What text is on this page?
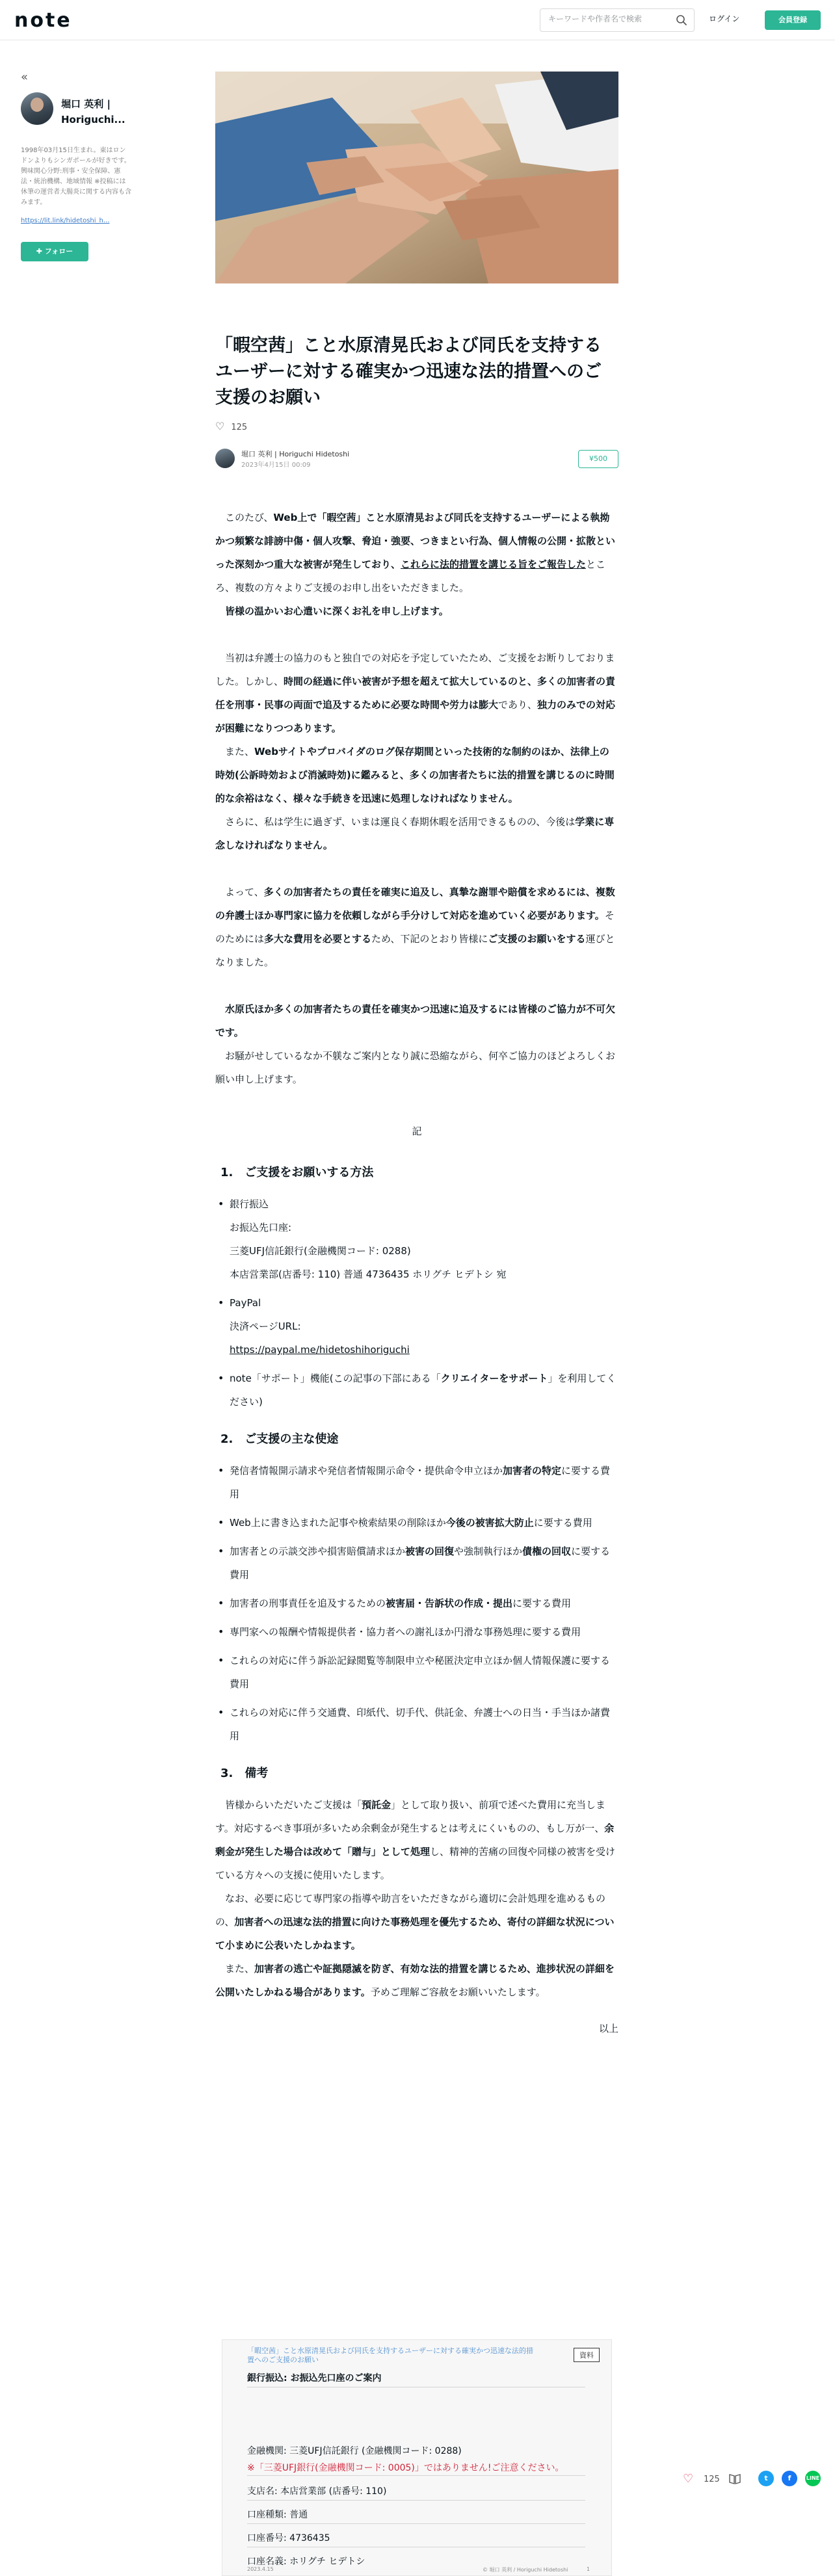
note
キーワードや作者名で検索	ログイン	会員登録
«
堀口 英利 | Horiguchi...
1998年03月15日生まれ。東はロンドンよりもシンガポールが好きです。興味関心分野:刑事・安全保障、憲法・統治機構、地域情報 ※投稿には休筆の運営者大腸炎に関する内容も含みます。
https://lit.link/hidetoshi_h...
✚ フォロー
「暇空茜」こと水原清晃氏および同氏を支持するユーザーに対する確実かつ迅速な法的措置へのご支援のお願い
♡ 125
堀口 英利 | Horiguchi Hidetoshi
2023年4月15日 00:09
¥500

このたび、Web上で「暇空茜」こと水原清晃および同氏を支持するユーザーによる執拗かつ頻繁な誹謗中傷・個人攻撃、脅迫・強要、つきまとい行為、個人情報の公開・拡散といった深刻かつ重大な被害が発生しており、これらに法的措置を講じる旨をご報告したところ、複数の方々よりご支援のお申し出をいただきました。

皆様の温かいお心遣いに深くお礼を申し上げます。

当初は弁護士の協力のもと独自での対応を予定していたため、ご支援をお断りしておりました。しかし、時間の経過に伴い被害が予想を超えて拡大しているのと、多くの加害者の責任を刑事・民事の両面で追及するために必要な時間や労力は膨大であり、独力のみでの対応が困難になりつつあります。

また、Webサイトやプロバイダのログ保存期間といった技術的な制約のほか、法律上の時効(公訴時効および消滅時効)に鑑みると、多くの加害者たちに法的措置を講じるのに時間的な余裕はなく、様々な手続きを迅速に処理しなければなりません。

さらに、私は学生に過ぎず、いまは運良く春期休暇を活用できるものの、今後は学業に専念しなければなりません。

よって、多くの加害者たちの責任を確実に追及し、真摯な謝罪や賠償を求めるには、複数の弁護士ほか専門家に協力を依頼しながら手分けして対応を進めていく必要があります。そのためには多大な費用を必要とするため、下記のとおり皆様にご支援のお願いをする運びとなりました。

水原氏ほか多くの加害者たちの責任を確実かつ迅速に追及するには皆様のご協力が不可欠です。

お騒がせしているなか不躾なご案内となり誠に恐縮ながら、何卒ご協力のほどよろしくお願い申し上げます。

記

1.　ご支援をお願いする方法
• 銀行振込
お振込先口座:
三菱UFJ信託銀行(金融機関コード: 0288)
本店営業部(店番号: 110) 普通 4736435 ホリグチ ヒデトシ 宛
• PayPal
決済ページURL:
https://paypal.me/hidetoshihoriguchi
• note「サポート」機能(この記事の下部にある「クリエイターをサポート」を利用してください)
2.　ご支援の主な使途
• 発信者情報開示請求や発信者情報開示命令・提供命令申立ほか加害者の特定に要する費用
• Web上に書き込まれた記事や検索結果の削除ほか今後の被害拡大防止に要する費用
• 加害者との示談交渉や損害賠償請求ほか被害の回復や強制執行ほか債権の回収に要する費用
• 加害者の刑事責任を追及するための被害届・告訴状の作成・提出に要する費用
• 専門家への報酬や情報提供者・協力者への謝礼ほか円滑な事務処理に要する費用
• これらの対応に伴う訴訟記録閲覧等制限申立や秘匿決定申立ほか個人情報保護に要する費用
• これらの対応に伴う交通費、印紙代、切手代、供託金、弁護士への日当・手当ほか諸費用
3.　備考

皆様からいただいたご支援は「預託金」として取り扱い、前項で述べた費用に充当します。対応するべき事項が多いため余剰金が発生するとは考えにくいものの、もし万が一、余剰金が発生した場合は改めて「贈与」として処理し、精神的苦痛の回復や同様の被害を受けている方々への支援に使用いたします。

なお、必要に応じて専門家の指導や助言をいただきながら適切に会計処理を進めるものの、加害者への迅速な法的措置に向けた事務処理を優先するため、寄付の詳細な状況について小まめに公表いたしかねます。

また、加害者の逃亡や証拠隠滅を防ぎ、有効な法的措置を講じるため、進捗状況の詳細を公開いたしかねる場合があります。予めご理解ご容赦をお願いいたします。

以上

「暇空茜」こと水原清晃氏および同氏を支持するユーザーに対する確実かつ迅速な法的措置へのご支援のお願い
資料
銀行振込: お振込先口座のご案内
金融機関: 三菱UFJ信託銀行 (金融機関コード: 0288)
※「三菱UFJ銀行(金融機関コード: 0005)」ではありません!ご注意ください。
支店名: 本店営業部 (店番号: 110)
口座種類: 普通
口座番号: 4736435
口座名義: ホリグチ ヒデトシ
2023.4.15	© 堀口 英利 / Horiguchi Hidetoshi	1
♡ 125	t	f	LINE
